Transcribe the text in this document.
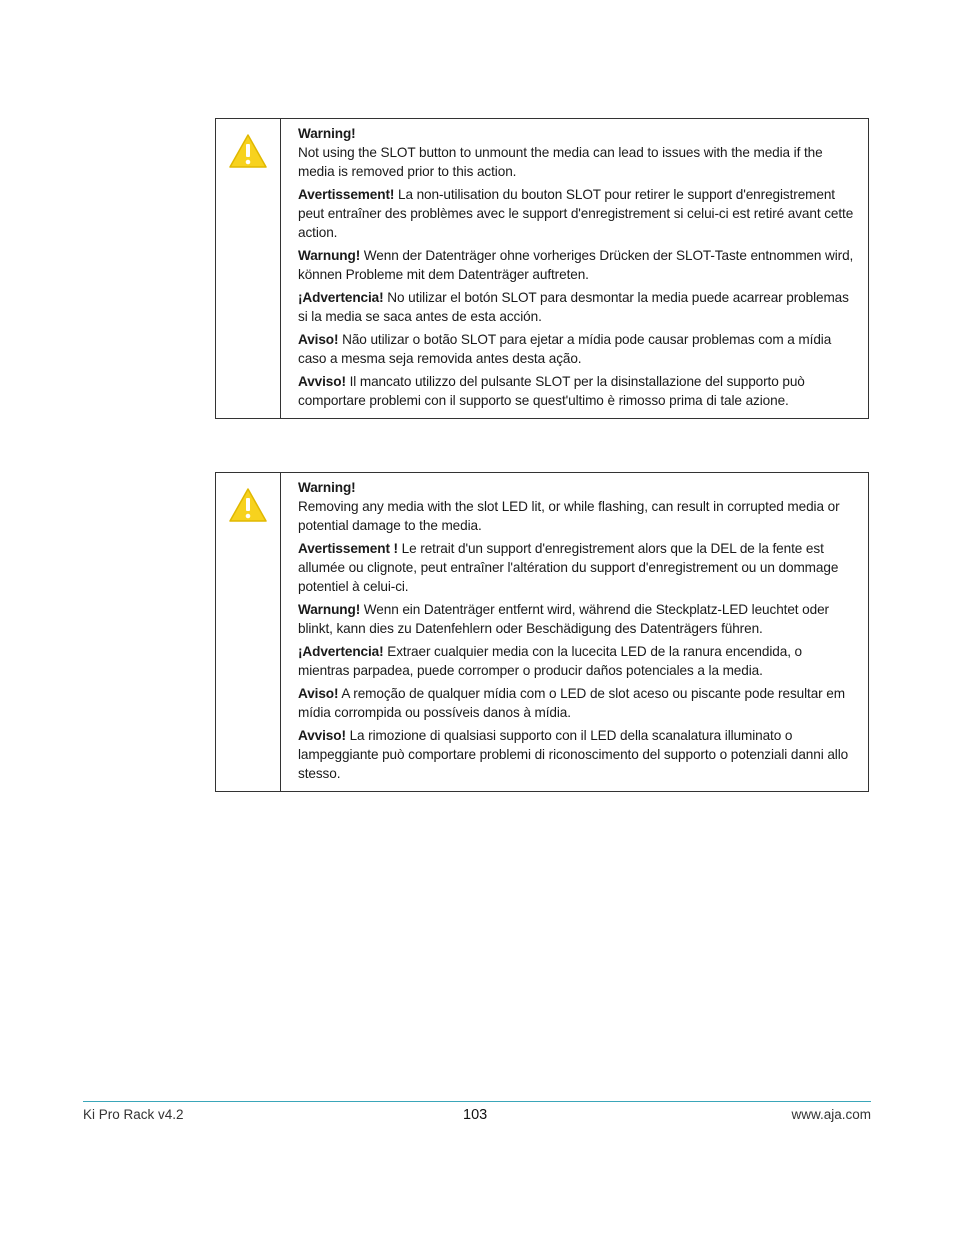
Warning!
Not using the SLOT button to unmount the media can lead to issues with the media if the media is removed prior to this action.
Avertissement! La non-utilisation du bouton SLOT pour retirer le support d'enregistrement peut entraîner des problèmes avec le support d'enregistrement si celui-ci est retiré avant cette action.
Warnung! Wenn der Datenträger ohne vorheriges Drücken der SLOT-Taste entnommen wird, können Probleme mit dem Datenträger auftreten.
¡Advertencia! No utilizar el botón SLOT para desmontar la media puede acarrear problemas si la media se saca antes de esta acción.
Aviso! Não utilizar o botão SLOT para ejetar a mídia pode causar problemas com a mídia caso a mesma seja removida antes desta ação.
Avviso! Il mancato utilizzo del pulsante SLOT per la disinstallazione del supporto può comportare problemi con il supporto se quest'ultimo è rimosso prima di tale azione.
Warning!
Removing any media with the slot LED lit, or while flashing, can result in corrupted media or potential damage to the media.
Avertissement ! Le retrait d'un support d'enregistrement alors que la DEL de la fente est allumée ou clignote, peut entraîner l'altération du support d'enregistrement ou un dommage potentiel à celui-ci.
Warnung! Wenn ein Datenträger entfernt wird, während die Steckplatz-LED leuchtet oder blinkt, kann dies zu Datenfehlern oder Beschädigung des Datenträgers führen.
¡Advertencia! Extraer cualquier media con la lucecita LED de la ranura encendida, o mientras parpadea, puede corromper o producir daños potenciales a la media.
Aviso! A remoção de qualquer mídia com o LED de slot aceso ou piscante pode resultar em mídia corrompida ou possíveis danos à mídia.
Avviso! La rimozione di qualsiasi supporto con il LED della scanalatura illuminato o lampeggiante può comportare problemi di riconoscimento del supporto o potenziali danni allo stesso.
Ki Pro Rack v4.2	103	www.aja.com
